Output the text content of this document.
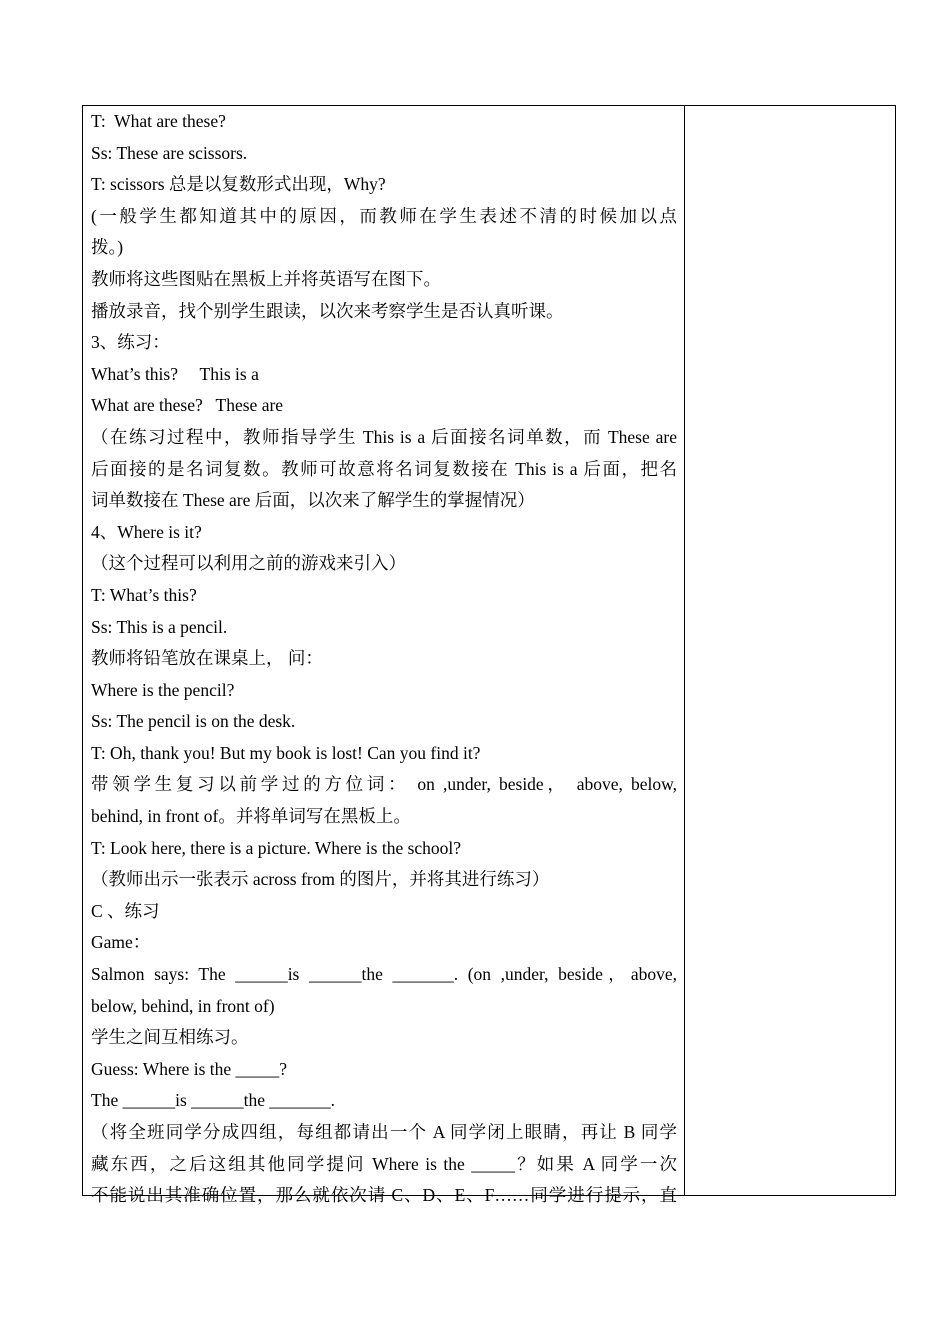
T:  What are these?
Ss: These are scissors.
T: scissors 总是以复数形式出现，Why?
(一般学生都知道其中的原因，而教师在学生表述不清的时候加以点
拨。)
教师将这些图贴在黑板上并将英语写在图下。
播放录音，找个别学生跟读，以次来考察学生是否认真听课。
3、练习：
What’s this?     This is a
What are these?   These are
（在练习过程中，教师指导学生 This is a 后面接名词单数，而 These are
后面接的是名词复数。教师可故意将名词复数接在 This is a 后面，把名
词单数接在 These are 后面，以次来了解学生的掌握情况）
4、Where is it?
（这个过程可以利用之前的游戏来引入）
T: What’s this?
Ss: This is a pencil.
教师将铅笔放在课桌上， 问：
Where is the pencil?
Ss: The pencil is on the desk.
T: Oh, thank you! But my book is lost! Can you find it?
带领学生复习以前学过的方位词： on ,under, beside， above, below,
behind, in front of。并将单词写在黑板上。
T: Look here, there is a picture. Where is the school?
（教师出示一张表示 across from 的图片，并将其进行练习）
C 、练习
Game：
Salmon says: The ______is ______the _______. (on ,under, beside，above,
below, behind, in front of)
学生之间互相练习。
Guess: Where is the _____?
The ______is ______the _______.
（将全班同学分成四组，每组都请出一个 A 同学闭上眼睛，再让 B 同学
藏东西，之后这组其他同学提问 Where is the _____？如果 A 同学一次
不能说出其准确位置，那么就依次请 C、D、E、F……同学进行提示，直
